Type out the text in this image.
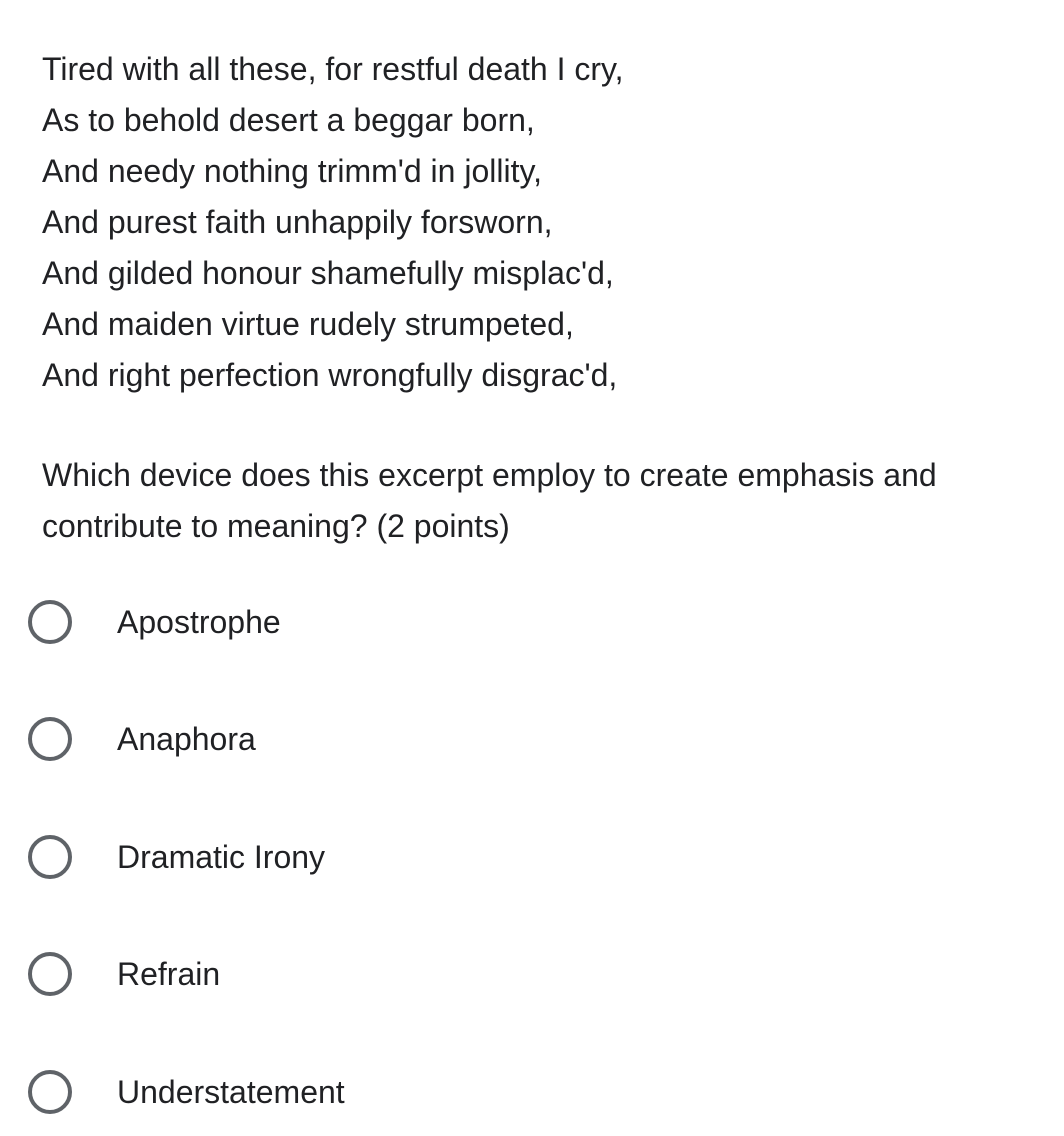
Tired with all these, for restful death I cry,
As to behold desert a beggar born,
And needy nothing trimm'd in jollity,
And purest faith unhappily forsworn,
And gilded honour shamefully misplac'd,
And maiden virtue rudely strumpeted,
And right perfection wrongfully disgrac'd,
Which device does this excerpt employ to create emphasis and
contribute to meaning? (2 points)
Apostrophe
Anaphora
Dramatic Irony
Refrain
Understatement
